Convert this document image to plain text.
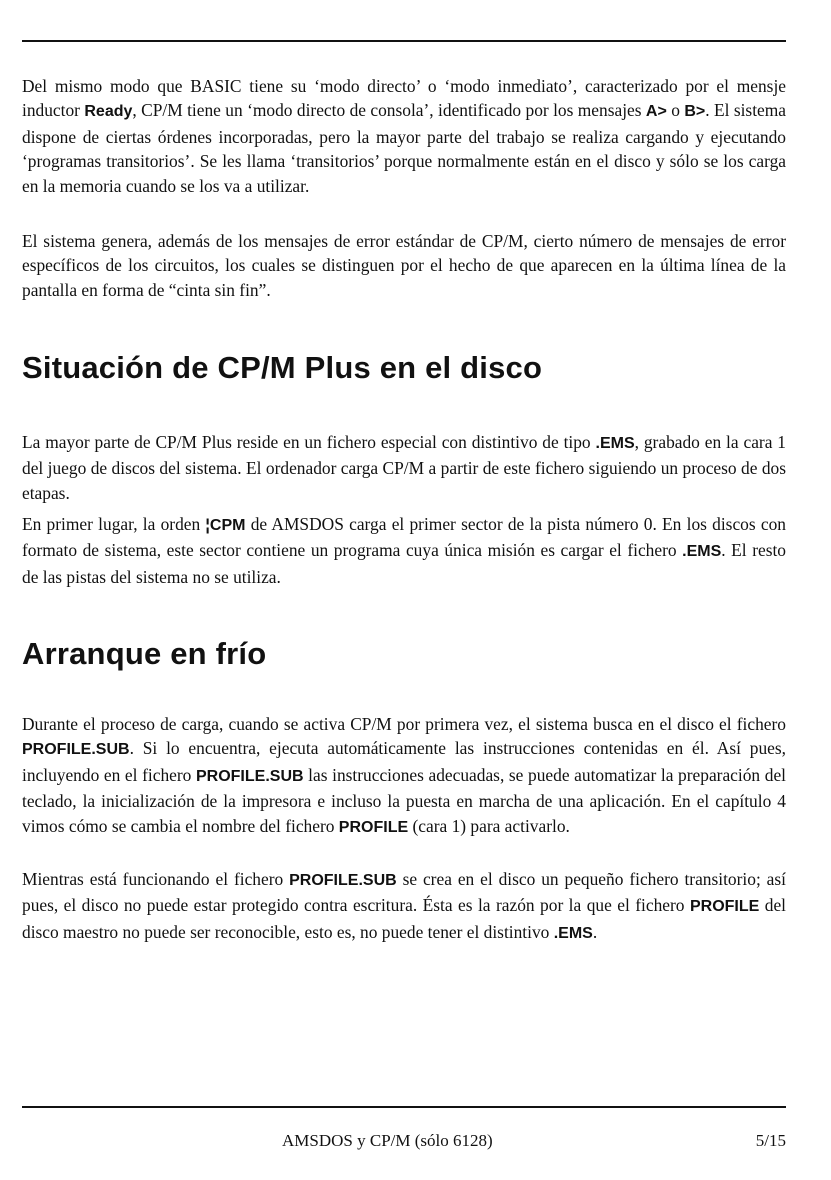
Del mismo modo que BASIC tiene su ‘modo directo’ o ‘modo inmediato’, caracterizado por el mensje inductor Ready, CP/M tiene un ‘modo directo de consola’, identificado por los mensajes A> o B>. El sistema dispone de ciertas órdenes incorporadas, pero la mayor parte del trabajo se realiza cargando y ejecutando ‘programas transitorios’. Se les llama ‘transitorios’ porque normalmente están en el disco y sólo se los carga en la memoria cuando se los va a utilizar.

El sistema genera, además de los mensajes de error estándar de CP/M, cierto número de mensajes de error específicos de los circuitos, los cuales se distinguen por el hecho de que aparecen en la última línea de la pantalla en forma de “cinta sin fin”.

Situación de CP/M Plus en el disco

La mayor parte de CP/M Plus reside en un fichero especial con distintivo de tipo .EMS, grabado en la cara 1 del juego de discos del sistema. El ordenador carga CP/M a partir de este fichero siguiendo un proceso de dos etapas.

En primer lugar, la orden ¦CPM de AMSDOS carga el primer sector de la pista número 0. En los discos con formato de sistema, este sector contiene un programa cuya única misión es cargar el fichero .EMS. El resto de las pistas del sistema no se utiliza.

Arranque en frío

Durante el proceso de carga, cuando se activa CP/M por primera vez, el sistema busca en el disco el fichero PROFILE.SUB. Si lo encuentra, ejecuta automáticamente las instrucciones contenidas en él. Así pues, incluyendo en el fichero PROFILE.SUB las instrucciones adecuadas, se puede automatizar la preparación del teclado, la inicialización de la impresora e incluso la puesta en marcha de una aplicación. En el capítulo 4 vimos cómo se cambia el nombre del fichero PROFILE (cara 1) para activarlo.

Mientras está funcionando el fichero PROFILE.SUB se crea en el disco un pequeño fichero transitorio; así pues, el disco no puede estar protegido contra escritura. Ésta es la razón por la que el fichero PROFILE del disco maestro no puede ser reconocible, esto es, no puede tener el distintivo .EMS.

AMSDOS y CP/M (sólo 6128)	5/15
